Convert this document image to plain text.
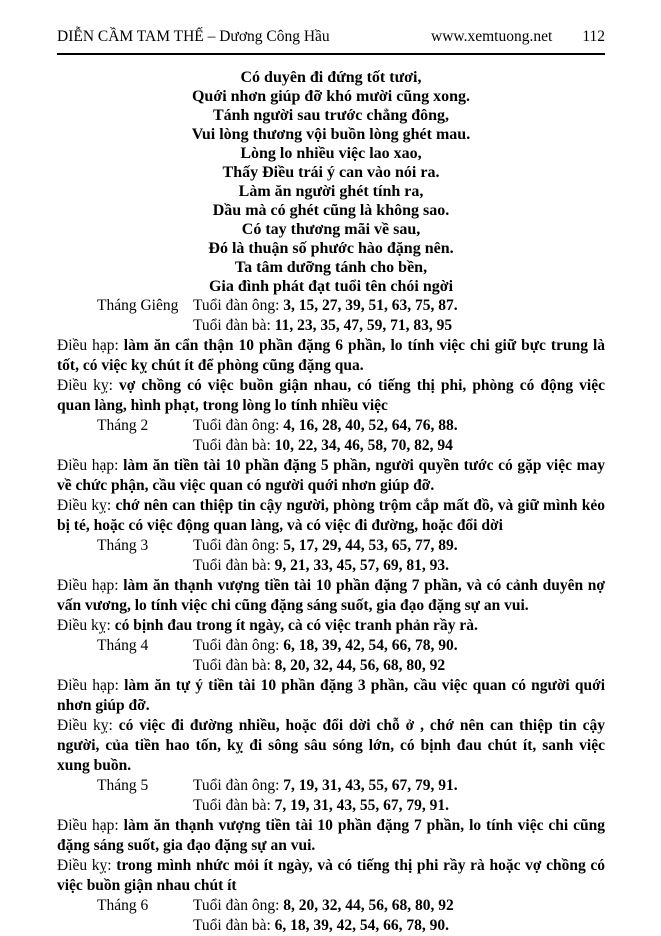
DIỄN CẦM TAM THẾ – Dương Công Hầu	www.xemtuong.net 112
Có duyên đi đứng tốt tươi,
Quới nhơn giúp đỡ khó mười cũng xong.
Tánh người sau trước chẳng đông,
Vui lòng thương vội buồn lòng ghét mau.
Lòng lo nhiều việc lao xao,
Thấy Điều trái ý can vào nói ra.
Làm ăn người ghét tính ra,
Dầu mà có ghét cũng là không sao.
Có tay thương mãi về sau,
Đó là thuận số phước hào đặng nên.
Ta tâm dưỡng tánh cho bền,
Gia đình phát đạt tuổi tên chói ngời
Tháng Giêng Tuổi đàn ông: 3, 15, 27, 39, 51, 63, 75, 87.
Tuổi đàn bà: 11, 23, 35, 47, 59, 71, 83, 95

Điều hạp: làm ăn cẩn thận 10 phần đặng 6 phần, lo tính việc chi giữ bực trung là tốt, có việc kỵ chút ít để phòng cũng đặng qua.

Điều kỵ: vợ chồng có việc buồn giận nhau, có tiếng thị phi, phòng có động việc quan làng, hình phạt, trong lòng lo tính nhiều việc

Tháng 2	Tuổi đàn ông: 4, 16, 28, 40, 52, 64, 76, 88.
Tuổi đàn bà: 10, 22, 34, 46, 58, 70, 82, 94

Điều hạp: làm ăn tiền tài 10 phần đặng 5 phần, người quyền tước có gặp việc may về chức phận, cầu việc quan có người quới nhơn giúp đỡ.

Điều kỵ: chớ nên can thiệp tin cậy người, phòng trộm cắp mất đồ, và giữ mình kẻo bị té, hoặc có việc động quan làng, và có việc đi đường, hoặc đổi dời

Tháng 3	Tuổi đàn ông: 5, 17, 29, 44, 53, 65, 77, 89.
Tuổi đàn bà: 9, 21, 33, 45, 57, 69, 81, 93.

Điều hạp: làm ăn thạnh vượng tiền tài 10 phần đặng 7 phần, và có cảnh duyên nợ vấn vương, lo tính việc chi cũng đặng sáng suốt, gia đạo đặng sự an vui.

Điều kỵ: có bịnh đau trong ít ngày, cà có việc tranh phản rầy rà.

Tháng 4	Tuổi đàn ông: 6, 18, 39, 42, 54, 66, 78, 90.
Tuổi đàn bà: 8, 20, 32, 44, 56, 68, 80, 92

Điều hạp: làm ăn tự ý tiền tài 10 phần đặng 3 phần, cầu việc quan có người quới nhơn giúp đỡ.

Điều kỵ: có việc đi đường nhiều, hoặc đổi dời chỗ ở , chớ nên can thiệp tin cậy người, của tiền hao tốn, kỵ đi sông sâu sóng lớn, có bịnh đau chút ít, sanh việc xung buồn.

Tháng 5	Tuổi đàn ông: 7, 19, 31, 43, 55, 67, 79, 91.
Tuổi đàn bà: 7, 19, 31, 43, 55, 67, 79, 91.

Điều hạp: làm ăn thạnh vượng tiền tài 10 phần đặng 7 phần, lo tính việc chi cũng đặng sáng suốt, gia đạo đặng sự an vui.

Điều kỵ: trong mình nhức mỏi ít ngày, và có tiếng thị phi rầy rà hoặc vợ chồng có việc buồn giận nhau chút ít

Tháng 6	Tuổi đàn ông: 8, 20, 32, 44, 56, 68, 80, 92
Tuổi đàn bà: 6, 18, 39, 42, 54, 66, 78, 90.
